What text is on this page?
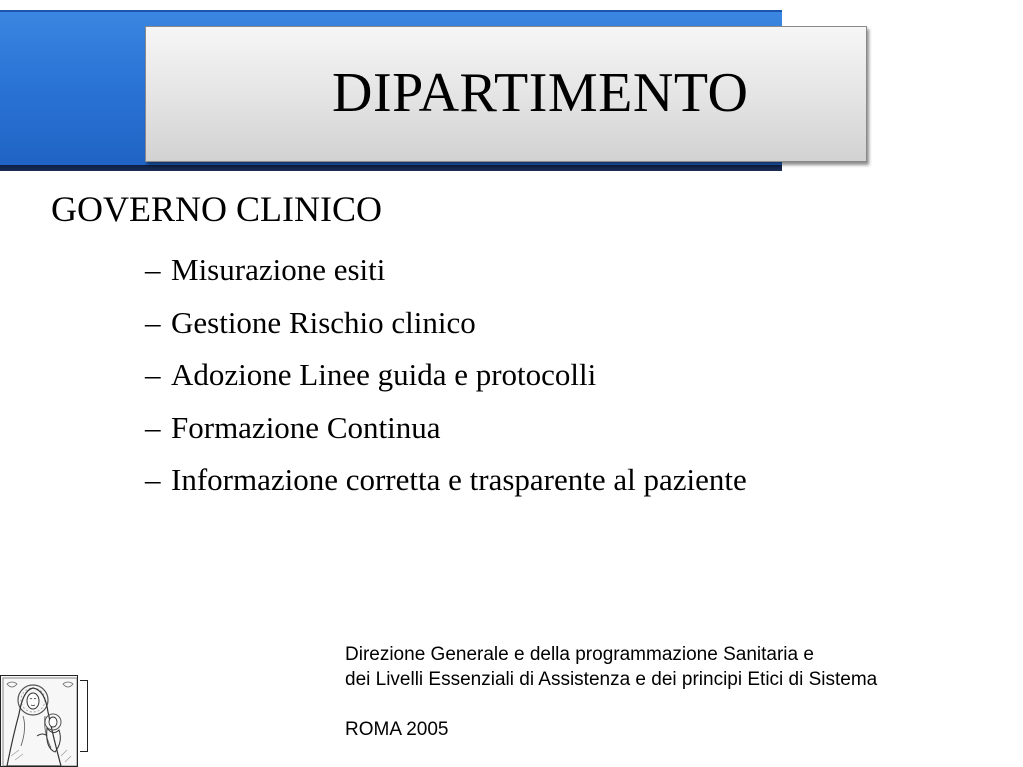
DIPARTIMENTO
GOVERNO CLINICO
– Misurazione esiti
– Gestione Rischio clinico
– Adozione Linee guida e protocolli
– Formazione Continua
– Informazione corretta e trasparente al paziente
Direzione Generale e della programmazione Sanitaria e
dei Livelli Essenziali di Assistenza e dei principi Etici di Sistema
ROMA 2005
